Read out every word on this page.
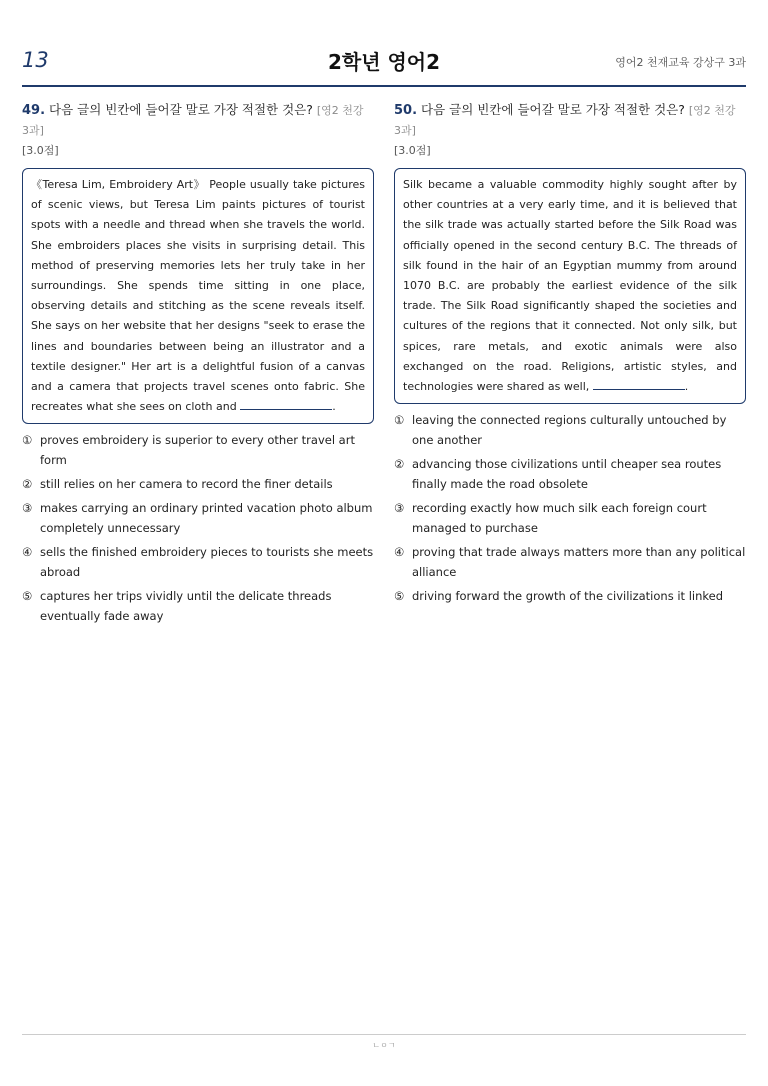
13	2학년 영어2	영어2 천재교육 강상구 3과
49. 다음 글의 빈칸에 들어갈 말로 가장 적절한 것은? [영2 천강 3과]
[3.0점]
《Teresa Lim, Embroidery Art》 People usually take pictures of scenic views, but Teresa Lim paints pictures of tourist spots with a needle and thread when she travels the world. She embroiders places she visits in surprising detail. This method of preserving memories lets her truly take in her surroundings. She spends time sitting in one place, observing details and stitching as the scene reveals itself. She says on her website that her designs "seek to erase the lines and boundaries between being an illustrator and a textile designer." Her art is a delightful fusion of a canvas and a camera that projects travel scenes onto fabric. She recreates what she sees on cloth and	.
① proves embroidery is superior to every other travel art form
② still relies on her camera to record the finer details
③ makes carrying an ordinary printed vacation photo album completely unnecessary
④ sells the finished embroidery pieces to tourists she meets abroad
⑤ captures her trips vividly until the delicate threads eventually fade away
50. 다음 글의 빈칸에 들어갈 말로 가장 적절한 것은? [영2 천강 3과]
[3.0점]
Silk became a valuable commodity highly sought after by other countries at a very early time, and it is believed that the silk trade was actually started before the Silk Road was officially opened in the second century B.C. The threads of silk found in the hair of an Egyptian mummy from around 1070 B.C. are probably the earliest evidence of the silk trade. The Silk Road significantly shaped the societies and cultures of the regions that it connected. Not only silk, but spices, rare metals, and exotic animals were also exchanged on the road. Religions, artistic styles, and technologies were shared as well,	.
① leaving the connected regions culturally untouched by one another
② advancing those civilizations until cheaper sea routes finally made the road obsolete
③ recording exactly how much silk each foreign court managed to purchase
④ proving that trade always matters more than any political alliance
⑤ driving forward the growth of the civilizations it linked
ㄴㅇㄱ
